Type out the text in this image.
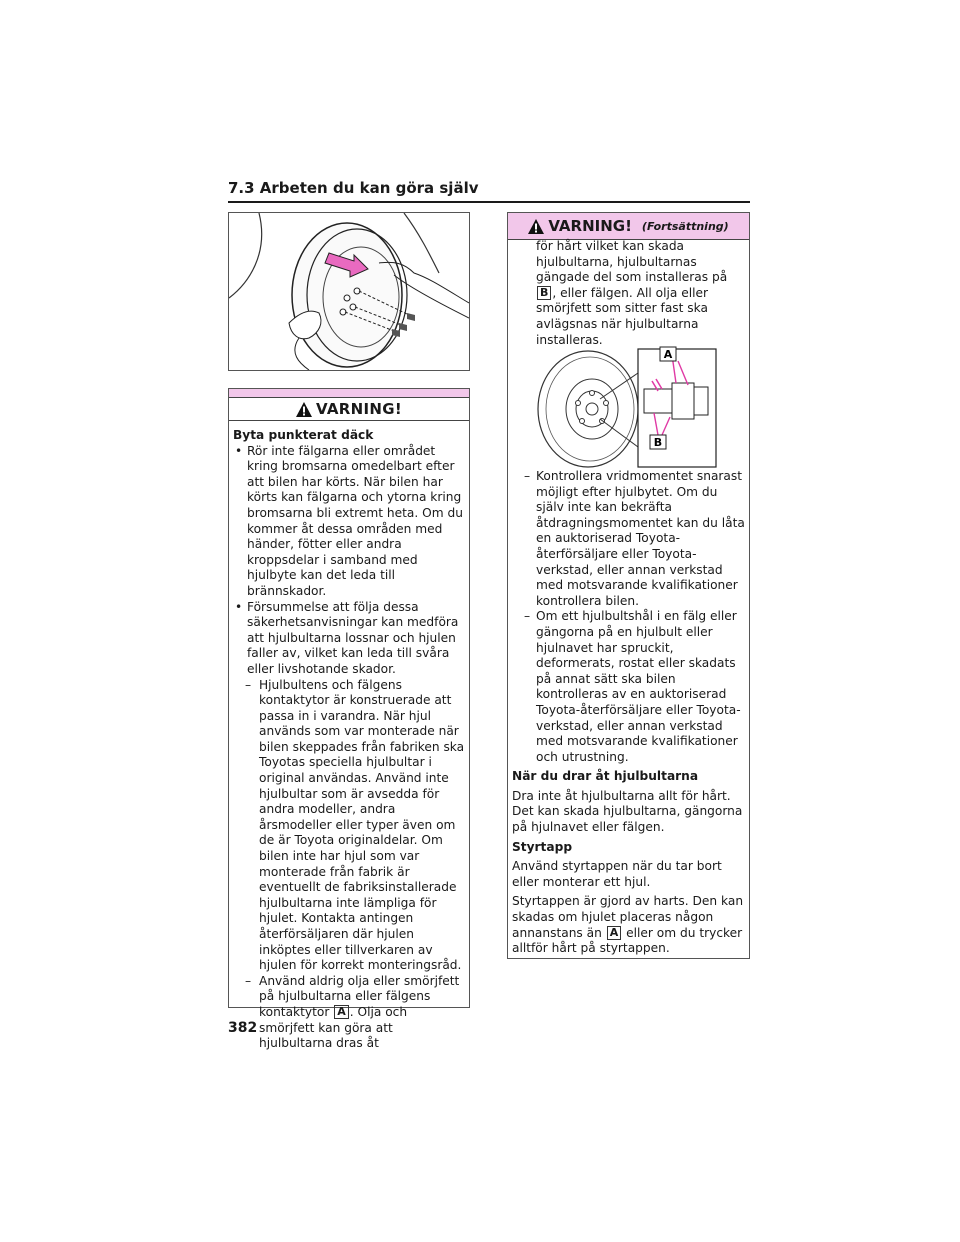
7.3 Arbeten du kan göra själv
VARNING!

Byta punkterat däck

• Rör inte fälgarna eller området kring bromsarna omedelbart efter att bilen har körts. När bilen har körts kan fälgarna och ytorna kring bromsarna bli extremt heta. Om du kommer åt dessa områden med händer, fötter eller andra kroppsdelar i samband med hjulbyte kan det leda till brännskador.

• Försummelse att följa dessa säkerhetsanvisningar kan medföra att hjulbultarna lossnar och hjulen faller av, vilket kan leda till svåra eller livshotande skador.

– Hjulbultens och fälgens kontaktytor är konstruerade att passa in i varandra. När hjul används som var monterade när bilen skeppades från fabriken ska Toyotas speciella hjulbultar i original användas. Använd inte hjulbultar som är avsedda för andra modeller, andra årsmodeller eller typer även om de är Toyota originaldelar. Om bilen inte har hjul som var monterade från fabrik är eventuellt de fabriksinstallerade hjulbultarna inte lämpliga för hjulet. Kontakta antingen återförsäljaren där hjulen inköptes eller tillverkaren av hjulen för korrekt monteringsråd.

– Använd aldrig olja eller smörjfett på hjulbultarna eller fälgens kontaktytor A . Olja och smörjfett kan göra att hjulbultarna dras åt

VARNING! (Fortsättning)

för hårt vilket kan skada hjulbultarna, hjulbultarnas gängade del som installeras på B , eller fälgen. All olja eller smörjfett som sitter fast ska avlägsnas när hjulbultarna installeras.

A
B

– Kontrollera vridmomentet snarast möjligt efter hjulbytet. Om du själv inte kan bekräfta åtdragningsmomentet kan du låta en auktoriserad Toyota-återförsäljare eller Toyota-verkstad, eller annan verkstad med motsvarande kvalifikationer kontrollera bilen.

– Om ett hjulbultshål i en fälg eller gängorna på en hjulbult eller hjulnavet har spruckit, deformerats, rostat eller skadats på annat sätt ska bilen kontrolleras av en auktoriserad Toyota-återförsäljare eller Toyota-verkstad, eller annan verkstad med motsvarande kvalifikationer och utrustning.

När du drar åt hjulbultarna

Dra inte åt hjulbultarna allt för hårt. Det kan skada hjulbultarna, gängorna på hjulnavet eller fälgen.

Styrtapp

Använd styrtappen när du tar bort eller monterar ett hjul.

Styrtappen är gjord av harts. Den kan skadas om hjulet placeras någon annanstans än A eller om du trycker alltför hårt på styrtappen.

382
